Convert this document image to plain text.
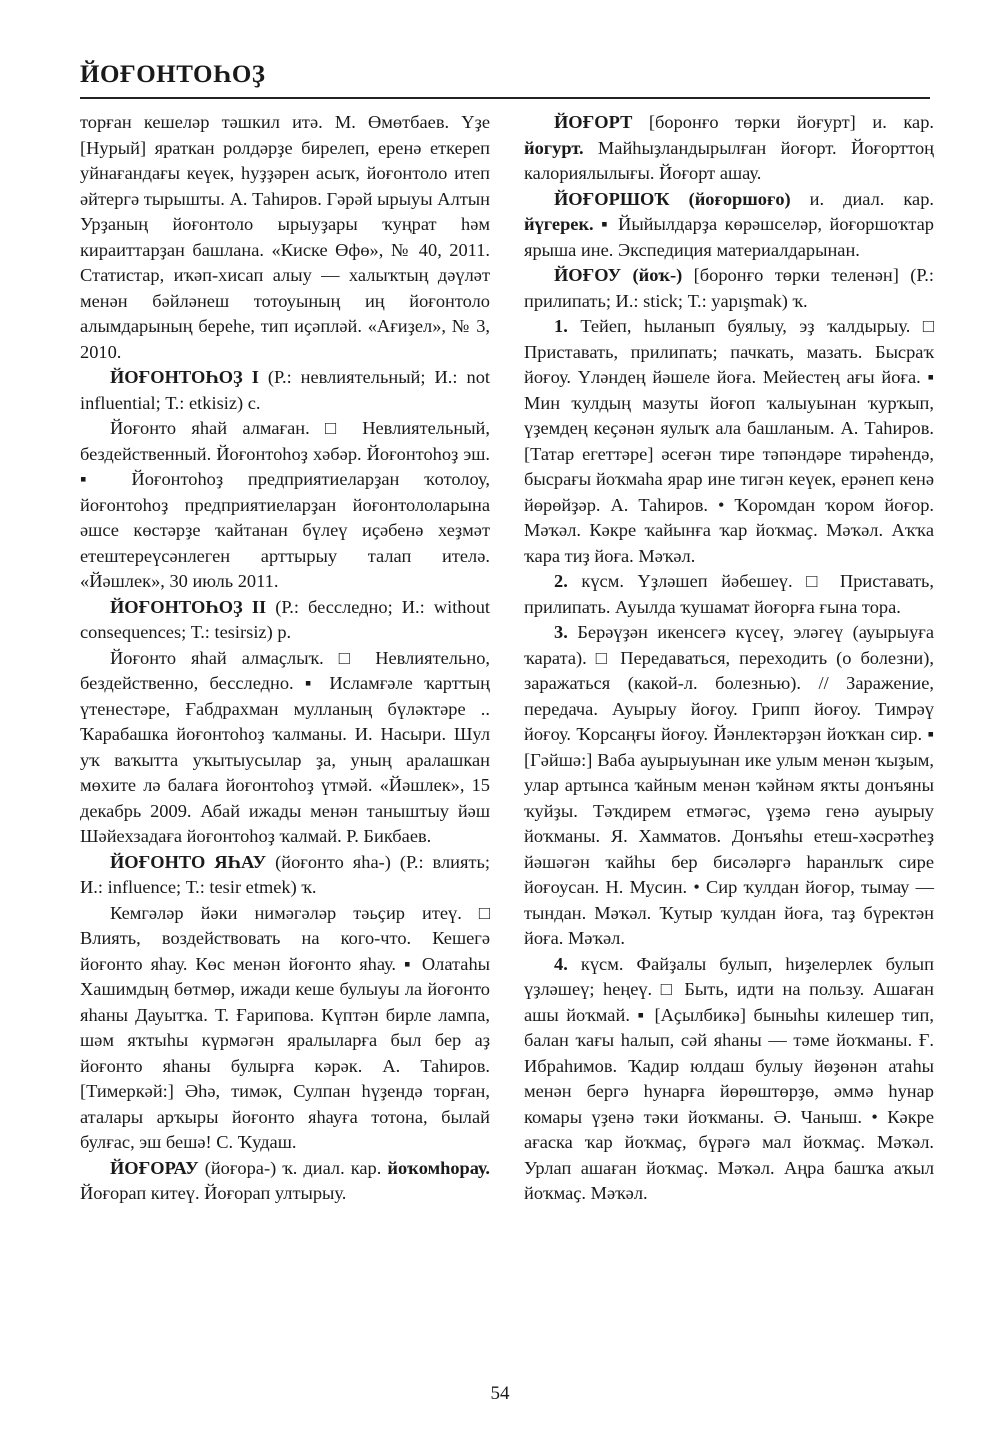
ЙОҒОНТОҺОҘ

торған кешеләр тәшкил итә. М. Өмөтбаев. Үҙе [Нурый] яраткан ролдәрҙе бирелеп, еренә еткереп уйнағандағы кеүек, һуҙҙәрен асыҡ, йоғонтоло итеп әйтергә тырышты. А. Таһиров. Гәрәй ырыуы Алтын Урҙаның йоғонтоло ырыуҙары ҡуңрат һәм кираиттарҙан башлана. «Киске Өфө», № 40, 2011. Статистар, иҡәп-хисап алыу — халыҡтың дәүләт менән бәйләнеш тотоуының иң йоғонтоло алымдарының береһе, тип иҫәпләй. «Ағиҙел», № 3, 2010.

ЙОҒОНТОҺОҘ I (Р.: невлиятельный; И.: not influential; Т.: etkisiz) с.

Йоғонто яһай алмаған. □ Невлиятельный, бездейственный. Йоғонтоһоҙ хәбәр. Йоғонтоһоҙ эш. ▪ Йоғонтоһоҙ предприятиеларҙан ҡотолоу, йоғонтоһоҙ предприятиеларҙан йоғонтололарына әшсе көстәрҙе ҡайтанан бүлеү иҫәбенә хеҙмәт етештереүсәнлеген арттырыу талап ителә. «Йәшлек», 30 июль 2011.

ЙОҒОНТОҺОҘ II (Р.: бесследно; И.: without consequences; Т.: tesirsiz) р.

Йоғонто яһай алмаҫлыҡ. □ Невлиятельно, бездейственно, бесследно. ▪ Исламғәле ҡарттың үтенестәре, Ғабдрахман мулланың бүләктәре .. Ҡарабашка йоғонтоһоҙ ҡалманы. И. Насыри. Шул уҡ ваҡытта уҡытыусылар ҙа, уның аралашкан мөхите лә балаға йоғонтоһоҙ үтмәй. «Йәшлек», 15 декабрь 2009. Абай ижады менән таныштыу йәш Шәйехзадаға йоғонтоһоҙ ҡалмай. Р. Бикбаев.

ЙОҒОНТО ЯҺАУ (йоғонто яһа-) (Р.: влиять; И.: influence; Т.: tesir etmek) ҡ.

Кемгәләр йәки нимәгәләр тәьҫир итеү. □ Влиять, воздействовать на кого-что. Кешегә йоғонто яһау. Көс менән йоғонто яһау. ▪ Олатаһы Хашимдың бөтмөр, ижади кеше булыуы ла йоғонто яһаны Дауытҡа. Т. Ғарипова. Күптән бирле лампа, шәм яҡтыһы күрмәгән яралыларға был бер аҙ йоғонто яһаны булырға кәрәк. А. Таһиров. [Тимеркәй:] Әһә, тимәк, Сулпан һүҙендә торған, аталары арҡыры йоғонто яһауға тотона, былай булғас, эш бешә! С. Ҡудаш.

ЙОҒОРАУ (йоғора-) ҡ. диал. кар. йоҡомһорау. Йоғорап китеү. Йоғорап ултырыу.

ЙОҒОРТ [боронғо төрки йоғурт] и. кар. йогурт. Майһыҙландырылған йоғорт. Йоғорттоң калориялылығы. Йоғорт ашау.

ЙОҒОРШОҠ (йоғоршоғо) и. диал. кар. йүгерек. ▪ Йыйылдарҙа көрәшселәр, йоғоршоҡтар ярыша ине. Экспедиция материалдарынан.

ЙОҒОУ (йоҡ-) [боронғо төрки теленән] (Р.: прилипать; И.: stick; Т.: yapışmak) ҡ.

1. Тейеп, һыланып буялыу, эҙ ҡалдырыу. □ Приставать, прилипать; пачкать, мазать. Бысраҡ йоғоу. Үләндең йәшеле йоға. Мейестең ағы йоға. ▪ Мин ҡулдың мазуты йоғоп ҡалыуынан ҡурҡып, үҙемдең кеҫәнән яулыҡ ала башланым. А. Таһиров. [Татар егеттәре] әсеғән тире тәпәндәре тирәһендә, бысрағы йоҡмаһа ярар ине тигән кеүек, ерәнеп кенә йөрөйҙәр. А. Таһиров. • Ҡоромдан ҡором йоғор. Мәҡәл. Кәкре ҡайынға ҡар йоҡмаҫ. Мәҡәл. Аҡҡа ҡара тиҙ йоға. Мәҡәл.

2. күсм. Үҙләшеп йәбешеү. □ Приставать, прилипать. Ауылда ҡушамат йоғорға ғына тора.

3. Берәүҙән икенсегә күсеү, эләгеү (ауырыуға ҡарата). □ Передаваться, переходить (о болезни), заражаться (какой-л. болезнью). // Заражение, передача. Ауырыу йоғоу. Грипп йоғоу. Тимрәү йоғоу. Ҡорсаңғы йоғоу. Йәнлектәрҙән йоҡҡан сир. ▪ [Гәйшә:] Ваба ауырыуынан ике улым менән ҡыҙым, улар артынса ҡайным менән ҡәйнәм яҡты донъяны ҡуйҙы. Тәҡдирем етмәгәс, үҙемә генә ауырыу йоҡманы. Я. Хамматов. Донъяһы етеш-хәсрәтһеҙ йәшәгән ҡайһы бер бисәләргә һаранлыҡ сире йоғоусан. Н. Мусин. • Сир ҡулдан йоғор, тымау — тындан. Мәҡәл. Ҡутыр ҡулдан йоға, таҙ бүректән йоға. Мәҡәл.

4. күсм. Файҙалы булып, һиҙелерлек булып үҙләшеү; һеңеү. □ Быть, идти на пользу. Ашаған ашы йоҡмай. ▪ [Аҫылбикә] быныһы килешер тип, балан ҡағы һалып, сәй яһаны — тәме йоҡманы. Ғ. Ибраһимов. Ҡадир юлдаш булыу йөҙөнән атаһы менән бергә һунарға йөрөштөрҙө, әммә һунар комары үҙенә тәки йоҡманы. Ә. Чаныш. • Кәкре ағаска ҡар йоҡмаҫ, бүрәгә мал йоҡмаҫ. Мәҡәл. Урлап ашаған йоҡмаҫ. Мәҡәл. Аңра башҡа аҡыл йоҡмаҫ. Мәҡәл.

54
